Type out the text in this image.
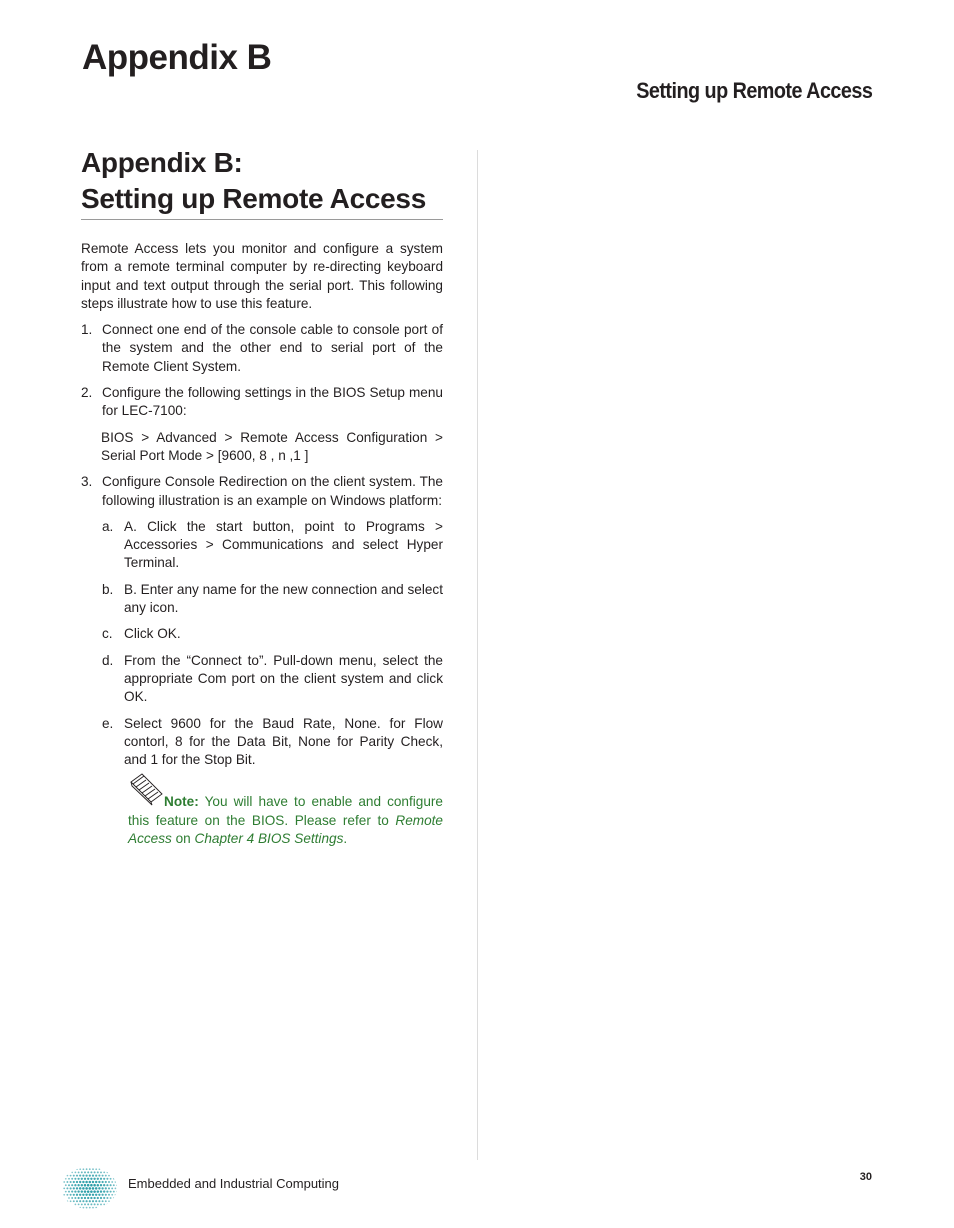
Appendix B
Setting up Remote Access
Appendix B:
Setting up Remote Access

Remote Access lets you monitor and configure a system from a remote terminal computer by re-directing keyboard input and text output through the serial port. This following steps illustrate how to use this feature.

1. Connect one end of the console cable to console port of the system and the other end to serial port of the Remote Client System.
2. Configure the following settings in the BIOS Setup menu for LEC-7100:
BIOS > Advanced > Remote Access Configuration > Serial Port Mode > [9600, 8 , n ,1 ]
3. Configure Console Redirection on the client system. The following illustration is an example on Windows platform:
a. A. Click the start button, point to Programs > Accessories > Communications and select Hyper Terminal.
b. B. Enter any name for the new connection and select any icon.
c. Click OK.
d. From the “Connect to”. Pull-down menu, select the appropriate Com port on the client system and click OK.
e. Select 9600 for the Baud Rate, None. for Flow contorl, 8 for the Data Bit, None for Parity Check, and 1 for the Stop Bit.
Note: You will have to enable and configure this feature on the BIOS. Please refer to Remote Access on Chapter 4 BIOS Settings.
Embedded and Industrial Computing	30
